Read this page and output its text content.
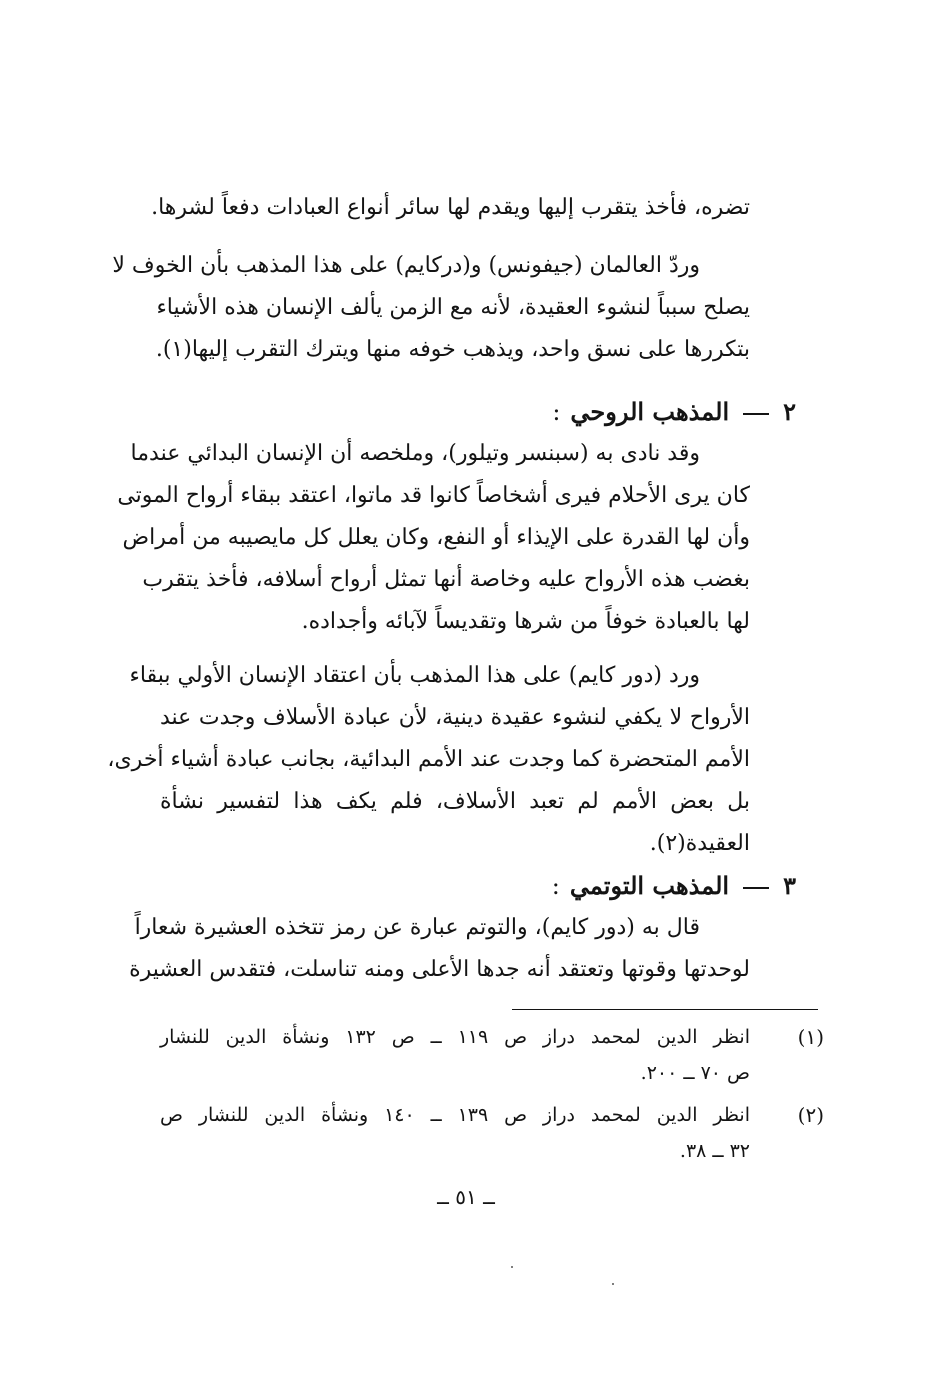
تضره، فأخذ يتقرب إليها ويقدم لها سائر أنواع العبادات دفعاً لشرها.
وردّ العالمان (جيفونس) و(دركايم) على هذا المذهب بأن الخوف لا
يصلح سبباً لنشوء العقيدة، لأنه مع الزمن يألف الإنسان هذه الأشياء
بتكررها على نسق واحد، ويذهب خوفه منها ويترك التقرب إليها(١).
٢المذهب الروحي:
وقد نادى به (سبنسر وتيلور)، وملخصه أن الإنسان البدائي عندما
كان يرى الأحلام فيرى أشخاصاً كانوا قد ماتوا، اعتقد ببقاء أرواح الموتى
وأن لها القدرة على الإيذاء أو النفع، وكان يعلل كل مايصيبه من أمراض
بغضب هذه الأرواح عليه وخاصة أنها تمثل أرواح أسلافه، فأخذ يتقرب
لها بالعبادة خوفاً من شرها وتقديساً لآبائه وأجداده.
ورد (دور كايم) على هذا المذهب بأن اعتقاد الإنسان الأولي ببقاء
الأرواح لا يكفي لنشوء عقيدة دينية، لأن عبادة الأسلاف وجدت عند
الأمم المتحضرة كما وجدت عند الأمم البدائية، بجانب عبادة أشياء أخرى،
بل بعض الأمم لم تعبد الأسلاف، فلم يكف هذا لتفسير نشأة
العقيدة(٢).
٣المذهب التوتمي:
قال به (دور كايم)، والتوتم عبارة عن رمز تتخذه العشيرة شعاراً
لوحدتها وقوتها وتعتقد أنه جدها الأعلى ومنه تناسلت، فتقدس العشيرة
(١)
انظر الدين لمحمد دراز ص ١١٩ ــ ص ١٣٢ ونشأة الدين للنشار
ص ٧٠ ــ ٢٠٠.
(٢)
انظر الدين لمحمد دراز ص ١٣٩ ــ ١٤٠ ونشأة الدين للنشار ص
٣٢ ــ ٣٨.
ــ ٥١ ــ
